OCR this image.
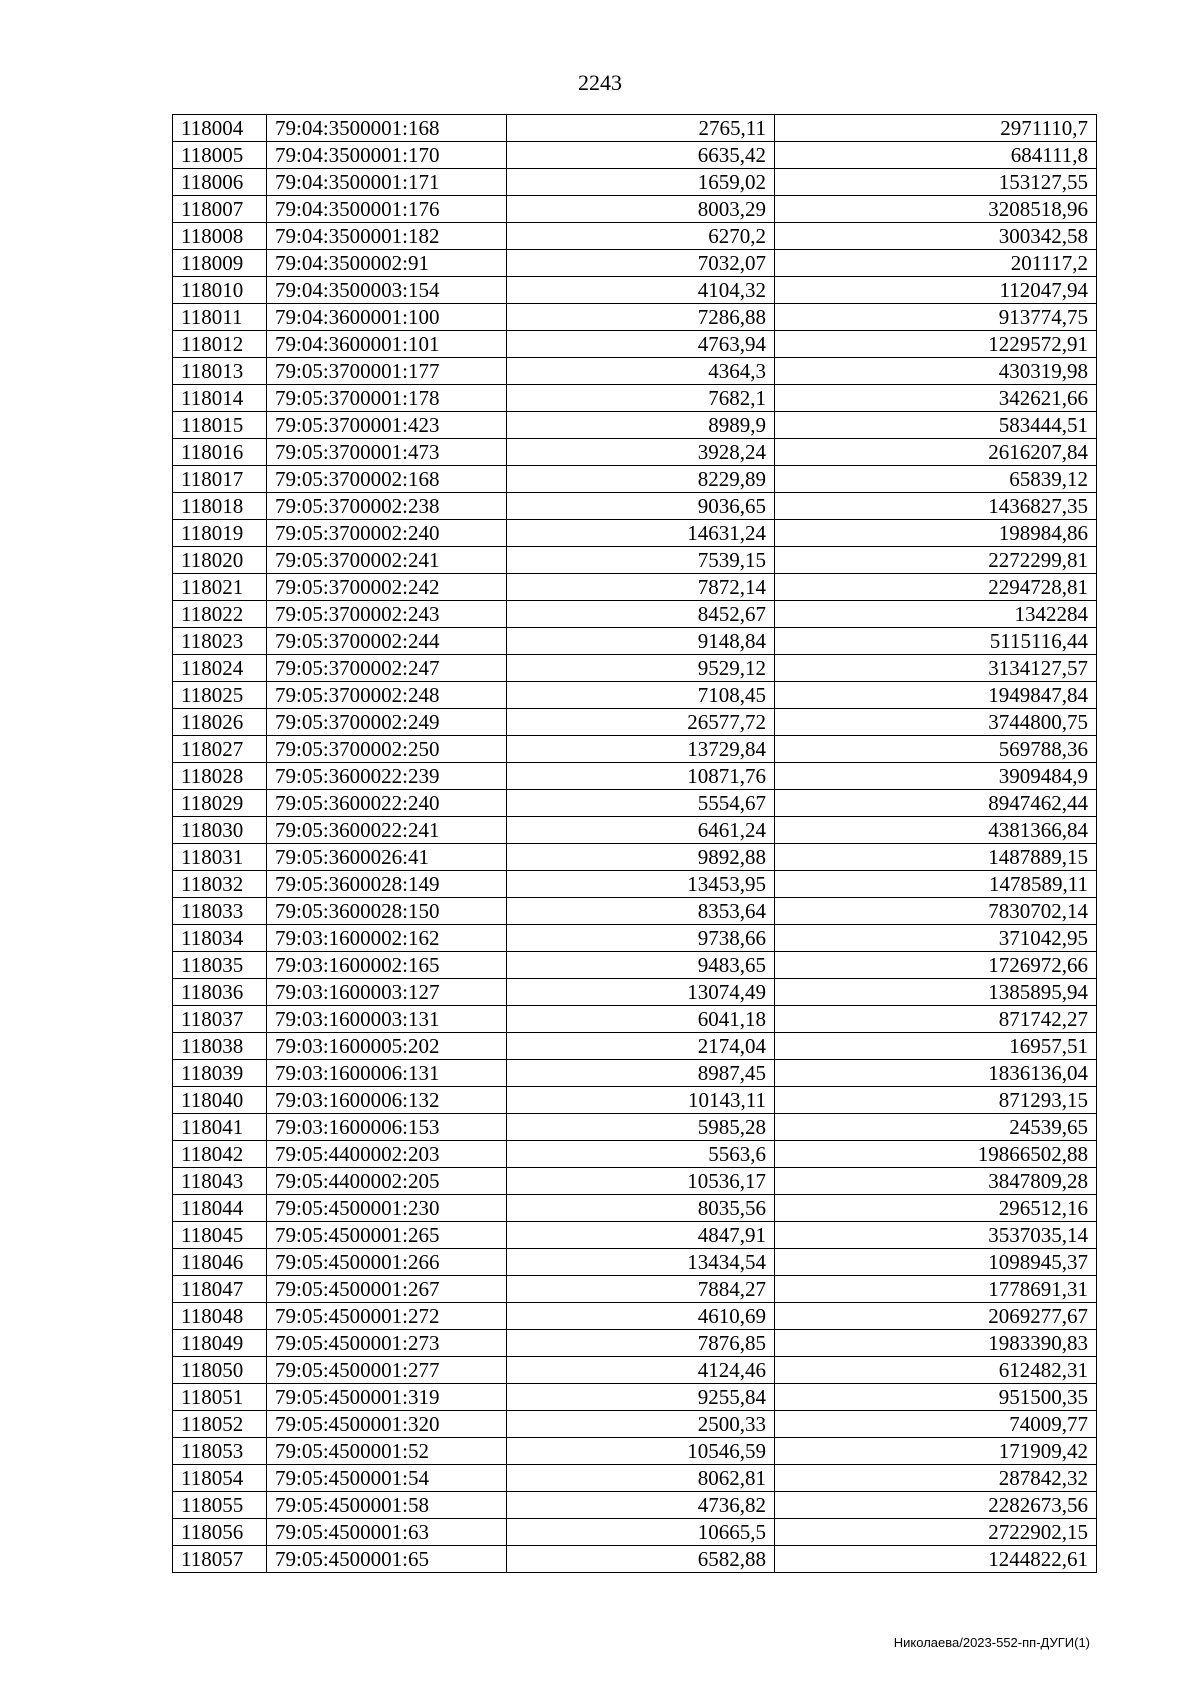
2243
118004	79:04:3500001:168	2765,11	2971110,7
118005	79:04:3500001:170	6635,42	684111,8
118006	79:04:3500001:171	1659,02	153127,55
118007	79:04:3500001:176	8003,29	3208518,96
118008	79:04:3500001:182	6270,2	300342,58
118009	79:04:3500002:91	7032,07	201117,2
118010	79:04:3500003:154	4104,32	112047,94
118011	79:04:3600001:100	7286,88	913774,75
118012	79:04:3600001:101	4763,94	1229572,91
118013	79:05:3700001:177	4364,3	430319,98
118014	79:05:3700001:178	7682,1	342621,66
118015	79:05:3700001:423	8989,9	583444,51
118016	79:05:3700001:473	3928,24	2616207,84
118017	79:05:3700002:168	8229,89	65839,12
118018	79:05:3700002:238	9036,65	1436827,35
118019	79:05:3700002:240	14631,24	198984,86
118020	79:05:3700002:241	7539,15	2272299,81
118021	79:05:3700002:242	7872,14	2294728,81
118022	79:05:3700002:243	8452,67	1342284
118023	79:05:3700002:244	9148,84	5115116,44
118024	79:05:3700002:247	9529,12	3134127,57
118025	79:05:3700002:248	7108,45	1949847,84
118026	79:05:3700002:249	26577,72	3744800,75
118027	79:05:3700002:250	13729,84	569788,36
118028	79:05:3600022:239	10871,76	3909484,9
118029	79:05:3600022:240	5554,67	8947462,44
118030	79:05:3600022:241	6461,24	4381366,84
118031	79:05:3600026:41	9892,88	1487889,15
118032	79:05:3600028:149	13453,95	1478589,11
118033	79:05:3600028:150	8353,64	7830702,14
118034	79:03:1600002:162	9738,66	371042,95
118035	79:03:1600002:165	9483,65	1726972,66
118036	79:03:1600003:127	13074,49	1385895,94
118037	79:03:1600003:131	6041,18	871742,27
118038	79:03:1600005:202	2174,04	16957,51
118039	79:03:1600006:131	8987,45	1836136,04
118040	79:03:1600006:132	10143,11	871293,15
118041	79:03:1600006:153	5985,28	24539,65
118042	79:05:4400002:203	5563,6	19866502,88
118043	79:05:4400002:205	10536,17	3847809,28
118044	79:05:4500001:230	8035,56	296512,16
118045	79:05:4500001:265	4847,91	3537035,14
118046	79:05:4500001:266	13434,54	1098945,37
118047	79:05:4500001:267	7884,27	1778691,31
118048	79:05:4500001:272	4610,69	2069277,67
118049	79:05:4500001:273	7876,85	1983390,83
118050	79:05:4500001:277	4124,46	612482,31
118051	79:05:4500001:319	9255,84	951500,35
118052	79:05:4500001:320	2500,33	74009,77
118053	79:05:4500001:52	10546,59	171909,42
118054	79:05:4500001:54	8062,81	287842,32
118055	79:05:4500001:58	4736,82	2282673,56
118056	79:05:4500001:63	10665,5	2722902,15
118057	79:05:4500001:65	6582,88	1244822,61
Николаева/2023-552-пп-ДУГИ(1)
